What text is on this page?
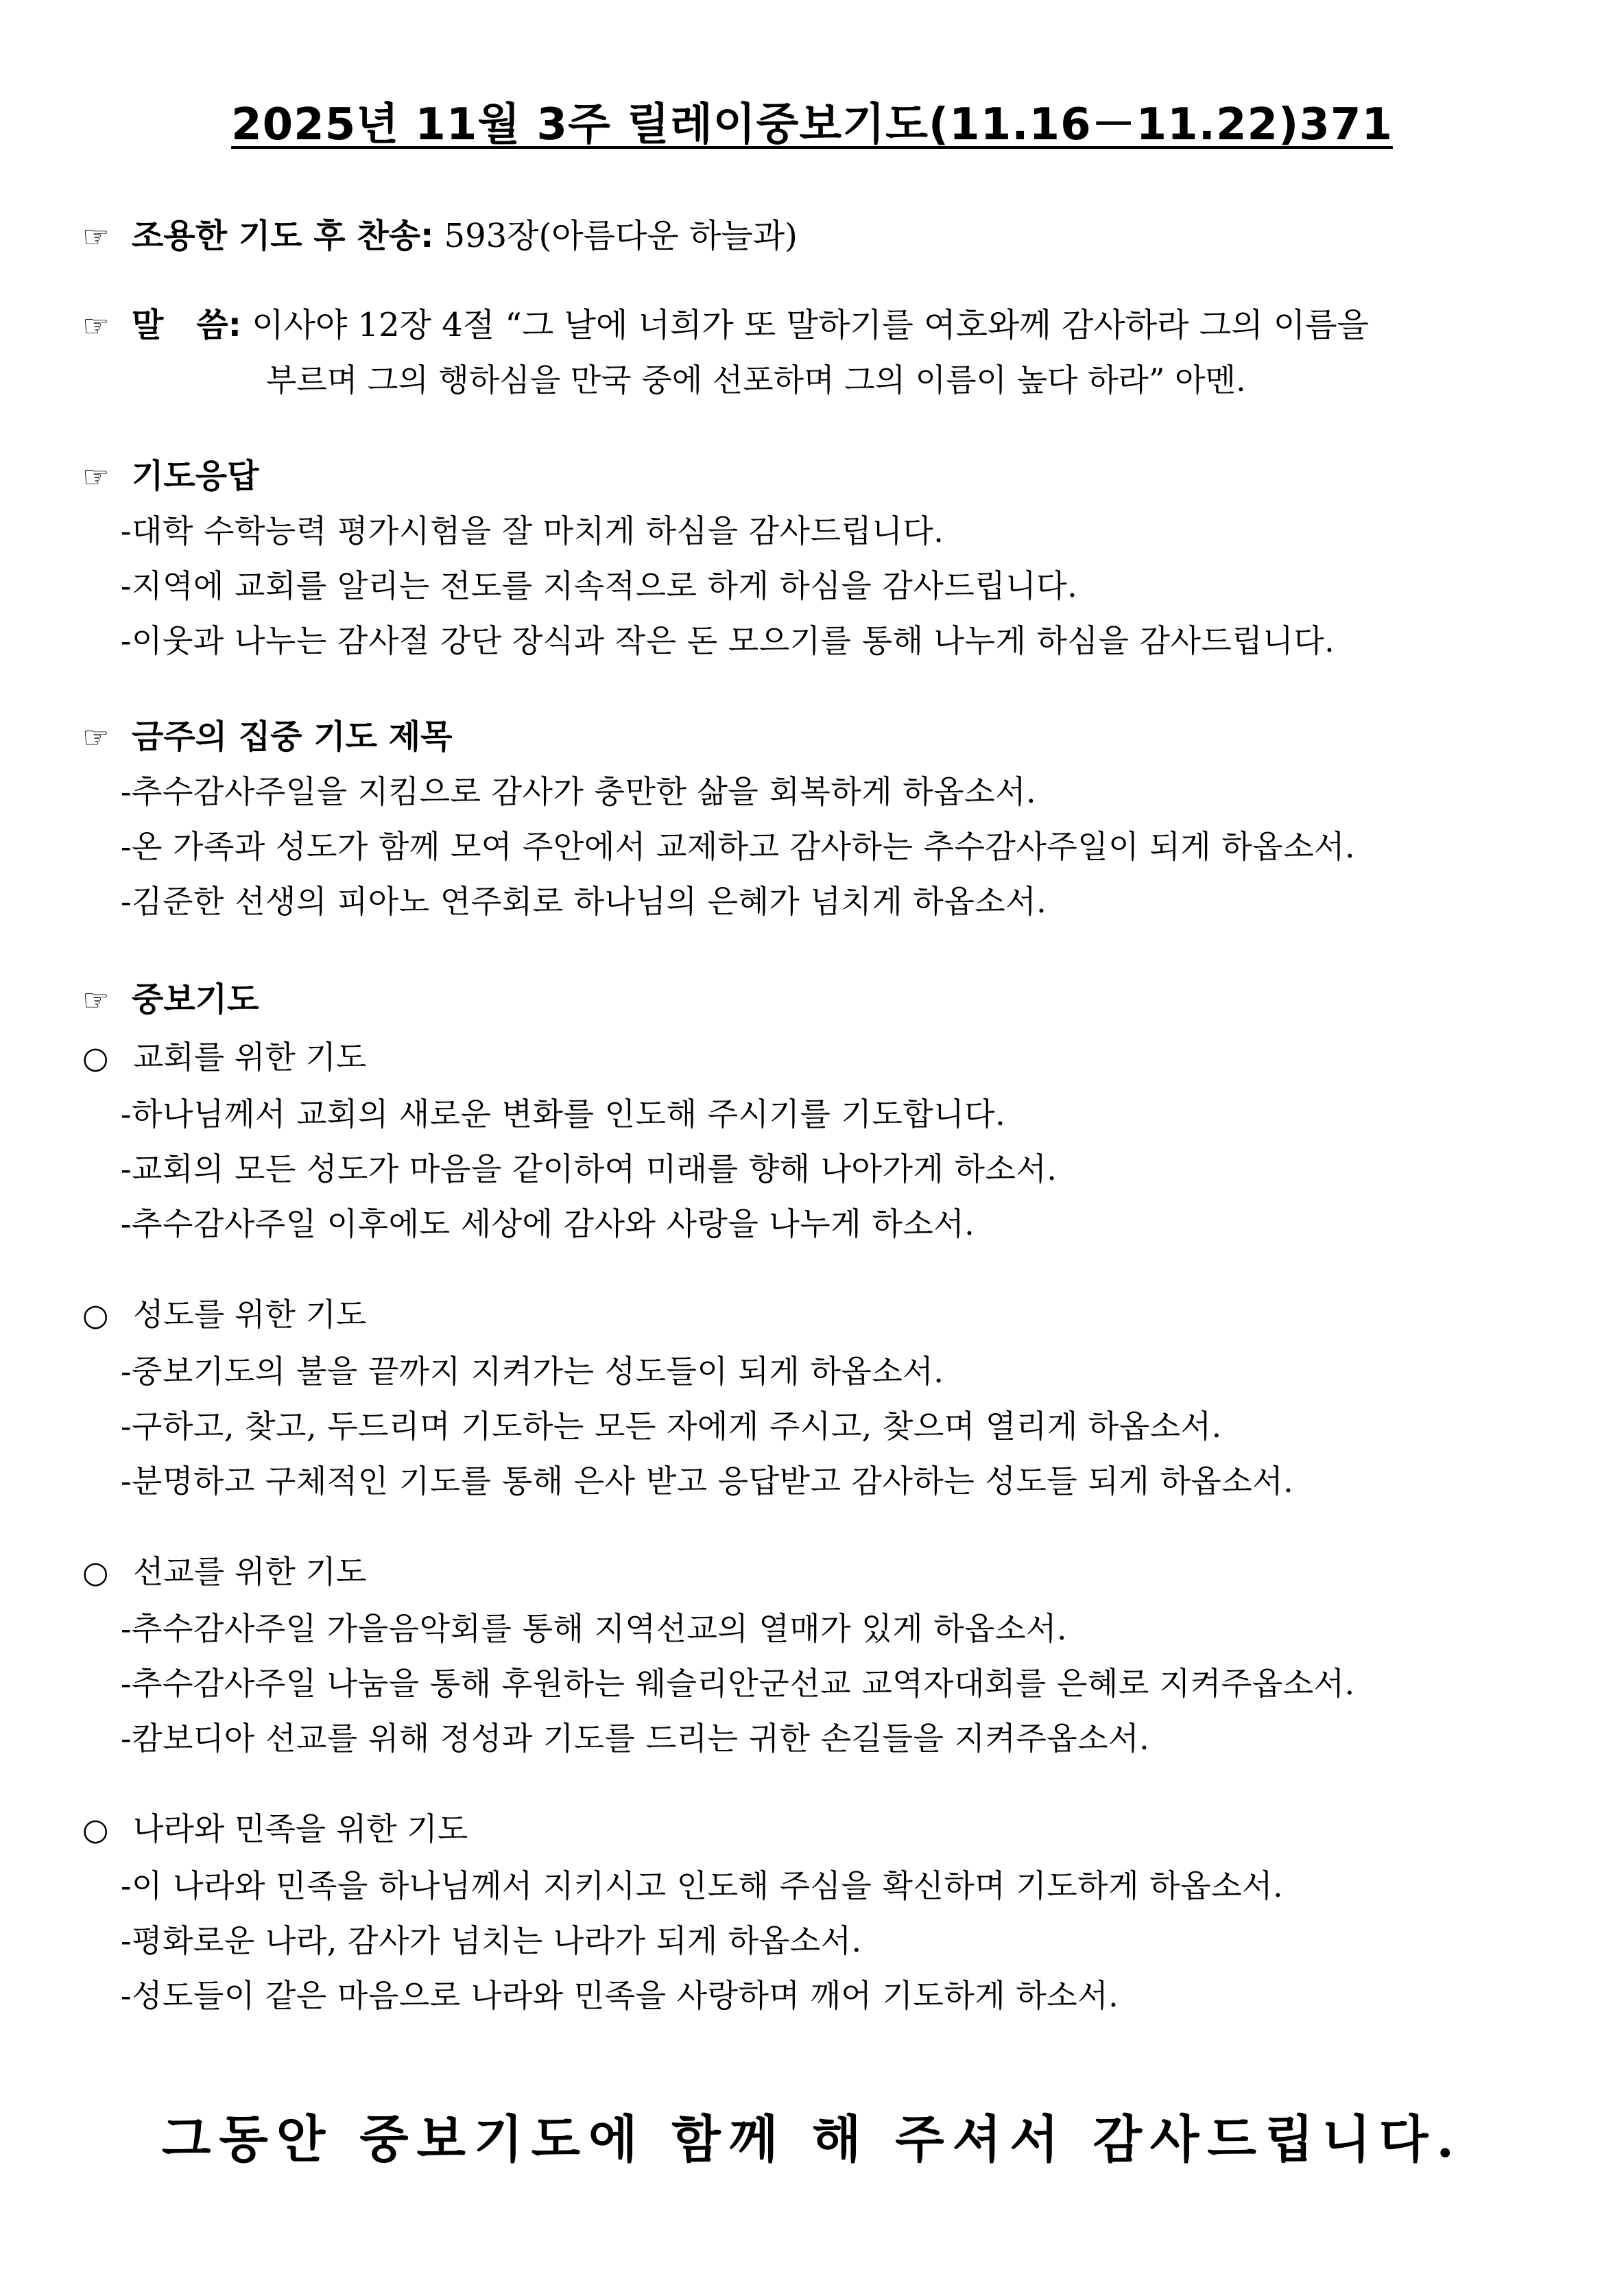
2025년 11월 3주 릴레이중보기도(11.16－11.22)371
☞ 조용한 기도 후 찬송: 593장(아름다운 하늘과)
☞ 말　씀: 이사야 12장 4절 “그 날에 너희가 또 말하기를 여호와께 감사하라 그의 이름을
부르며 그의 행하심을 만국 중에 선포하며 그의 이름이 높다 하라” 아멘.
☞ 기도응답
-대학 수학능력 평가시험을 잘 마치게 하심을 감사드립니다.
-지역에 교회를 알리는 전도를 지속적으로 하게 하심을 감사드립니다.
-이웃과 나누는 감사절 강단 장식과 작은 돈 모으기를 통해 나누게 하심을 감사드립니다.
☞ 금주의 집중 기도 제목
-추수감사주일을 지킴으로 감사가 충만한 삶을 회복하게 하옵소서.
-온 가족과 성도가 함께 모여 주안에서 교제하고 감사하는 추수감사주일이 되게 하옵소서.
-김준한 선생의 피아노 연주회로 하나님의 은혜가 넘치게 하옵소서.
☞ 중보기도
○ 교회를 위한 기도
-하나님께서 교회의 새로운 변화를 인도해 주시기를 기도합니다.
-교회의 모든 성도가 마음을 같이하여 미래를 향해 나아가게 하소서.
-추수감사주일 이후에도 세상에 감사와 사랑을 나누게 하소서.
○ 성도를 위한 기도
-중보기도의 불을 끝까지 지켜가는 성도들이 되게 하옵소서.
-구하고, 찾고, 두드리며 기도하는 모든 자에게 주시고, 찾으며 열리게 하옵소서.
-분명하고 구체적인 기도를 통해 은사 받고 응답받고 감사하는 성도들 되게 하옵소서.
○ 선교를 위한 기도
-추수감사주일 가을음악회를 통해 지역선교의 열매가 있게 하옵소서.
-추수감사주일 나눔을 통해 후원하는 웨슬리안군선교 교역자대회를 은혜로 지켜주옵소서.
-캄보디아 선교를 위해 정성과 기도를 드리는 귀한 손길들을 지켜주옵소서.
○ 나라와 민족을 위한 기도
-이 나라와 민족을 하나님께서 지키시고 인도해 주심을 확신하며 기도하게 하옵소서.
-평화로운 나라, 감사가 넘치는 나라가 되게 하옵소서.
-성도들이 같은 마음으로 나라와 민족을 사랑하며 깨어 기도하게 하소서.
그동안 중보기도에 함께 해 주셔서 감사드립니다.
